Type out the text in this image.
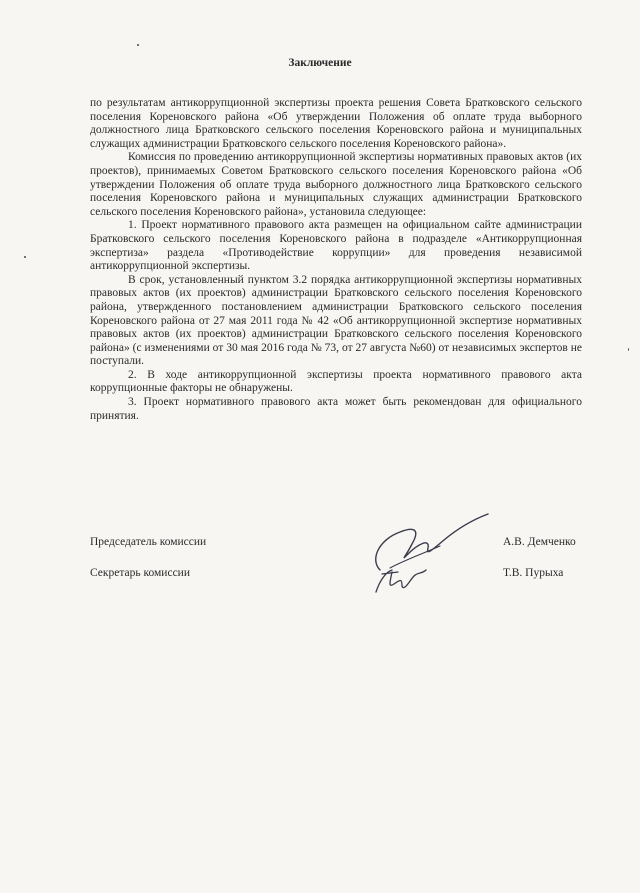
Заключение

по результатам антикоррупционной экспертизы проекта решения Совета Братковского сельского поселения Кореновского района «Об утверждении Положения об оплате труда выборного должностного лица Братковского сельского поселения Кореновского района и муниципальных служащих администрации Братковского сельского поселения Кореновского района».

Комиссия по проведению антикоррупционной экспертизы нормативных правовых актов (их проектов), принимаемых Советом Братковского сельского поселения Кореновского района «Об утверждении Положения об оплате труда выборного должностного лица Братковского сельского поселения Кореновского района и муниципальных служащих администрации Братковского сельского поселения Кореновского района», установила следующее:

1. Проект нормативного правового акта размещен на официальном сайте администрации Братковского сельского поселения Кореновского района в подразделе «Антикоррупционная экспертиза» раздела «Противодействие коррупции» для проведения независимой антикоррупционной экспертизы.

В срок, установленный пунктом 3.2 порядка антикоррупционной экспертизы нормативных правовых актов (их проектов) администрации Братковского сельского поселения Кореновского района, утвержденного постановлением администрации Братковского сельского поселения Кореновского района от 27 мая 2011 года № 42 «Об антикоррупционной экспертизе нормативных правовых актов (их проектов) администрации Братковского сельского поселения Кореновского района» (с изменениями от 30 мая 2016 года № 73, от 27 августа №60) от независимых экспертов не поступали.

2. В ходе антикоррупционной экспертизы проекта нормативного правового акта коррупционные факторы не обнаружены.

3. Проект нормативного правового акта может быть рекомендован для официального принятия.

Председатель комиссии	А.В. Демченко
Секретарь комиссии	Т.В. Пурыха
